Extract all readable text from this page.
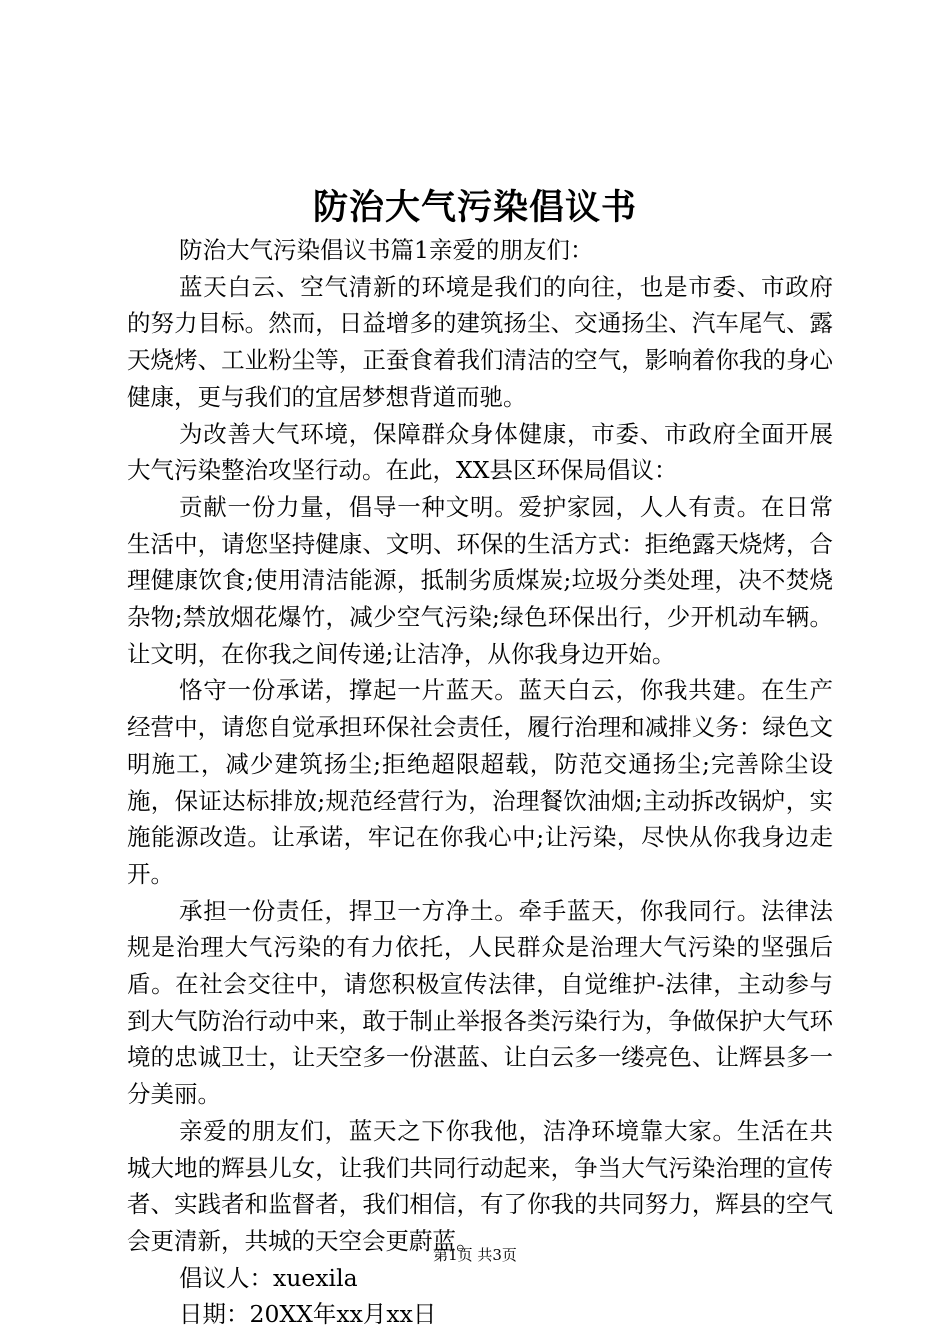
防治大气污染倡议书

防治大气污染倡议书篇1亲爱的朋友们：

蓝天白云、空气清新的环境是我们的向往，也是市委、市政府的努力目标。然而，日益增多的建筑扬尘、交通扬尘、汽车尾气、露天烧烤、工业粉尘等，正蚕食着我们清洁的空气，影响着你我的身心健康，更与我们的宜居梦想背道而驰。

为改善大气环境，保障群众身体健康，市委、市政府全面开展大气污染整治攻坚行动。在此，XX县区环保局倡议：

贡献一份力量，倡导一种文明。爱护家园，人人有责。在日常生活中，请您坚持健康、文明、环保的生活方式：拒绝露天烧烤，合理健康饮食;使用清洁能源，抵制劣质煤炭;垃圾分类处理，决不焚烧杂物;禁放烟花爆竹，减少空气污染;绿色环保出行，少开机动车辆。让文明，在你我之间传递;让洁净，从你我身边开始。

恪守一份承诺，撑起一片蓝天。蓝天白云，你我共建。在生产经营中，请您自觉承担环保社会责任，履行治理和减排义务：绿色文明施工，减少建筑扬尘;拒绝超限超载，防范交通扬尘;完善除尘设施，保证达标排放;规范经营行为，治理餐饮油烟;主动拆改锅炉，实施能源改造。让承诺，牢记在你我心中;让污染，尽快从你我身边走开。

承担一份责任，捍卫一方净土。牵手蓝天，你我同行。法律法规是治理大气污染的有力依托，人民群众是治理大气污染的坚强后盾。在社会交往中，请您积极宣传法律，自觉维护-法律，主动参与到大气防治行动中来，敢于制止举报各类污染行为，争做保护大气环境的忠诚卫士，让天空多一份湛蓝、让白云多一缕亮色、让辉县多一分美丽。

亲爱的朋友们，蓝天之下你我他，洁净环境靠大家。生活在共城大地的辉县儿女，让我们共同行动起来，争当大气污染治理的宣传者、实践者和监督者，我们相信，有了你我的共同努力，辉县的空气会更清新，共城的天空会更蔚蓝。

倡议人：xuexila

日期：20XX年xx月xx日

第1页 共3页
